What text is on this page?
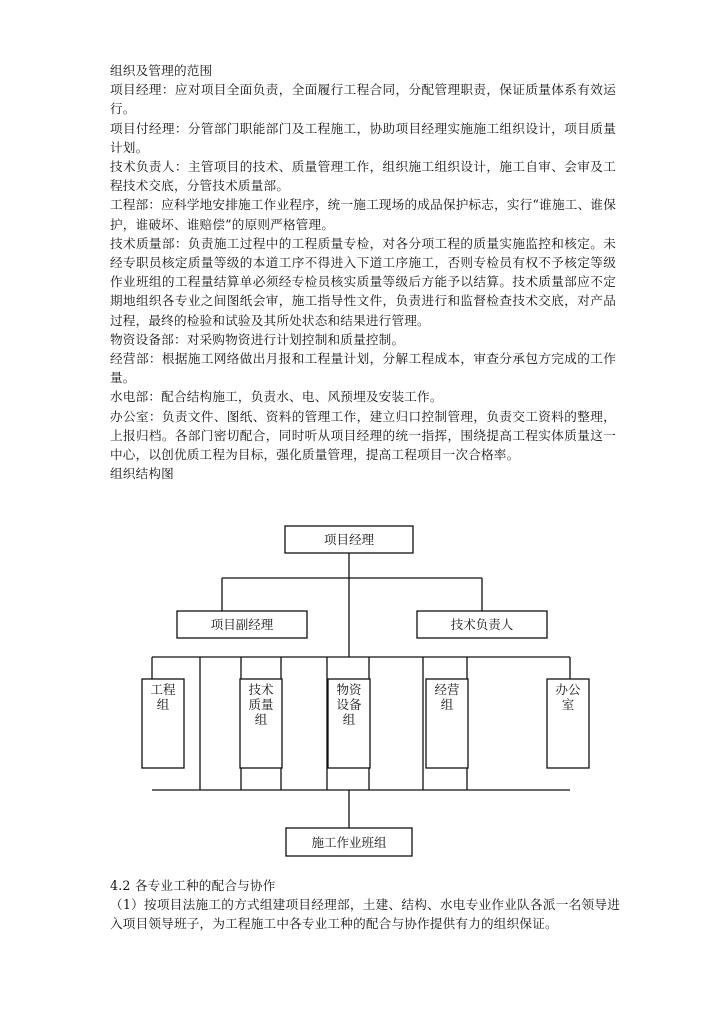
组织及管理的范围

项目经理：应对项目全面负责，全面履行工程合同，分配管理职责，保证质量体系有效运行。

项目付经理：分管部门职能部门及工程施工，协助项目经理实施施工组织设计，项目质量计划。

技术负责人：主管项目的技术、质量管理工作，组织施工组织设计，施工自审、会审及工程技术交底，分管技术质量部。

工程部：应科学地安排施工作业程序，统一施工现场的成品保护标志，实行“谁施工、谁保护，谁破坏、谁赔偿”的原则严格管理。

技术质量部：负责施工过程中的工程质量专检，对各分项工程的质量实施监控和核定。未经专职员核定质量等级的本道工序不得进入下道工序施工，否则专检员有权不予核定等级作业班组的工程量结算单必须经专检员核实质量等级后方能予以结算。技术质量部应不定期地组织各专业之间图纸会审，施工指导性文件，负责进行和监督检查技术交底，对产品过程，最终的检验和试验及其所处状态和结果进行管理。

物资设备部：对采购物资进行计划控制和质量控制。

经营部：根据施工网络做出月报和工程量计划，分解工程成本，审查分承包方完成的工作量。

水电部：配合结构施工，负责水、电、风预埋及安装工作。

办公室：负责文件、图纸、资料的管理工作，建立归口控制管理，负责交工资料的整理，上报归档。各部门密切配合，同时听从项目经理的统一指挥，围绕提高工程实体质量这一中心，以创优质工程为目标，强化质量管理，提高工程项目一次合格率。

组织结构图

项目经理
项目副经理	技术负责人
工程
组
技术
质量
组
物资
设备
组
经营
组
办公
室
施工作业班组

4.2 各专业工种的配合与协作

（1）按项目法施工的方式组建项目经理部，土建、结构、水电专业作业队各派一名领导进入项目领导班子，为工程施工中各专业工种的配合与协作提供有力的组织保证。
